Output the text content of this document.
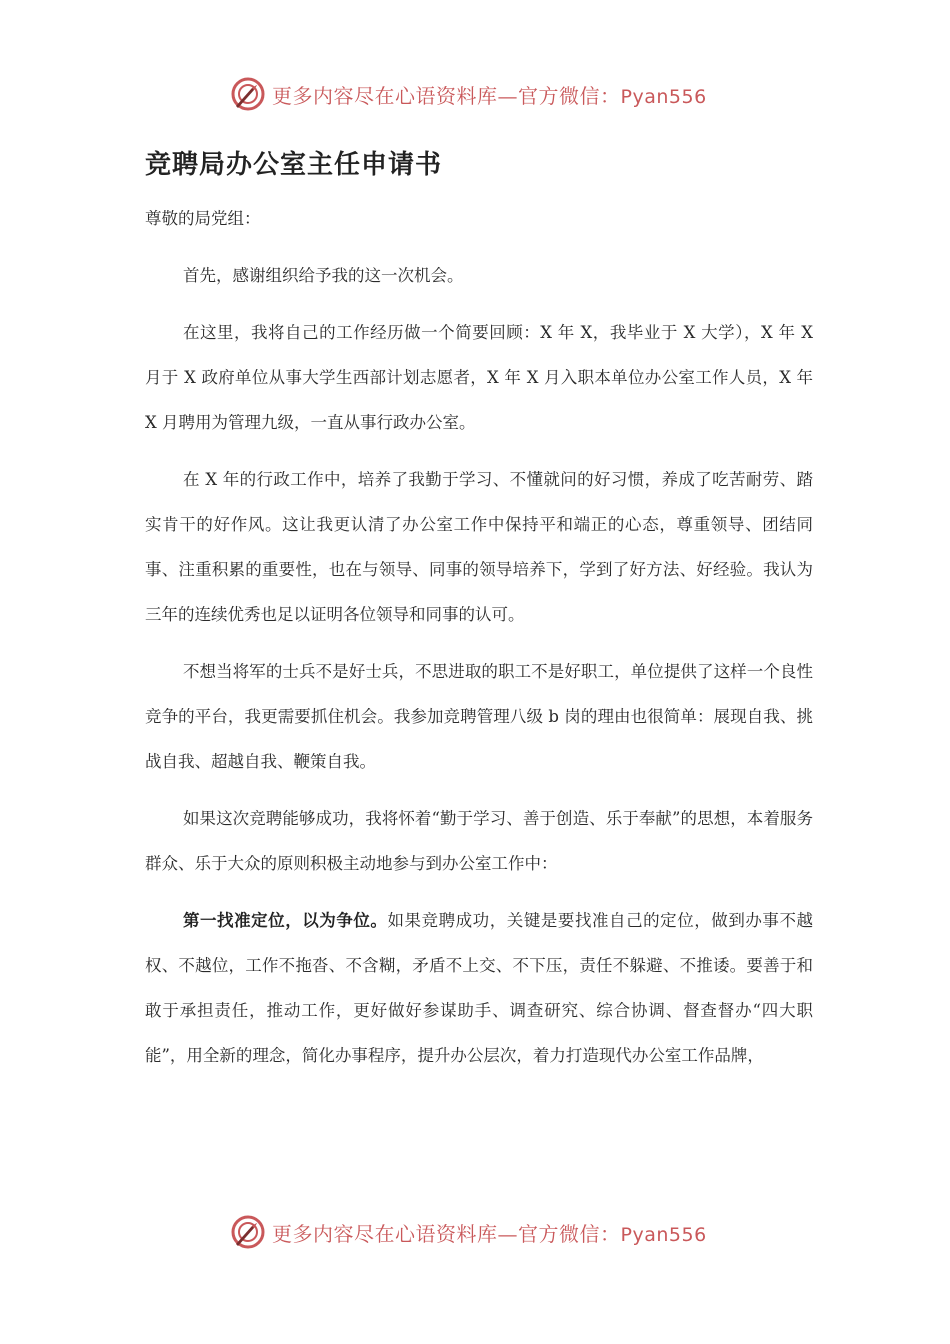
更多内容尽在心语资料库—官方微信：Pyan556
竞聘局办公室主任申请书

尊敬的局党组：

首先，感谢组织给予我的这一次机会。

在这里，我将自己的工作经历做一个简要回顾：X 年 X，我毕业于 X 大学），X 年 X 月于 X 政府单位从事大学生西部计划志愿者，X 年 X 月入职本单位办公室工作人员，X 年 X 月聘用为管理九级，一直从事行政办公室。

在 X 年的行政工作中，培养了我勤于学习、不懂就问的好习惯，养成了吃苦耐劳、踏实肯干的好作风。这让我更认清了办公室工作中保持平和端正的心态，尊重领导、团结同事、注重积累的重要性，也在与领导、同事的领导培养下，学到了好方法、好经验。我认为三年的连续优秀也足以证明各位领导和同事的认可。

不想当将军的士兵不是好士兵，不思进取的职工不是好职工，单位提供了这样一个良性竞争的平台，我更需要抓住机会。我参加竞聘管理八级 b 岗的理由也很简单：展现自我、挑战自我、超越自我、鞭策自我。

如果这次竞聘能够成功，我将怀着“勤于学习、善于创造、乐于奉献”的思想，本着服务群众、乐于大众的原则积极主动地参与到办公室工作中：

第一找准定位，以为争位。如果竞聘成功，关键是要找准自己的定位，做到办事不越权、不越位，工作不拖沓、不含糊，矛盾不上交、不下压，责任不躲避、不推诿。要善于和敢于承担责任，推动工作，更好做好参谋助手、调查研究、综合协调、督查督办“四大职能”，用全新的理念，简化办事程序，提升办公层次，着力打造现代办公室工作品牌，

更多内容尽在心语资料库—官方微信：Pyan556
